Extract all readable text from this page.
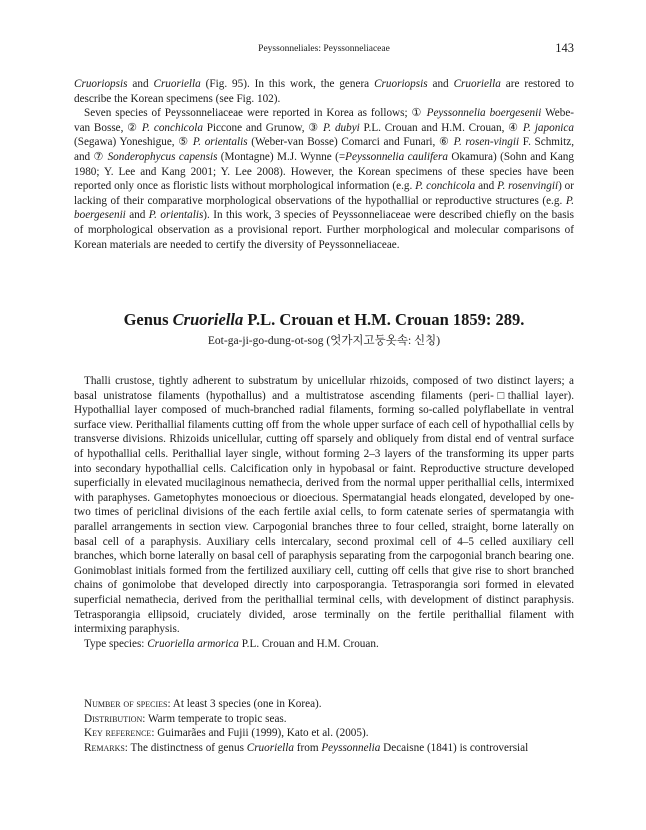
Peyssonneliales: Peyssonneliaceae	143

Cruoriopsis and Cruoriella (Fig. 95). In this work, the genera Cruoriopsis and Cruoriella are restored to describe the Korean specimens (see Fig. 102).

Seven species of Peyssonneliaceae were reported in Korea as follows; ① Peyssonnelia boergesenii Webe-van Bosse, ② P. conchicola Piccone and Grunow, ③ P. dubyi P.L. Crouan and H.M. Crouan, ④ P. japonica (Segawa) Yoneshigue, ⑤ P. orientalis (Weber-van Bosse) Comarci and Funari, ⑥ P. rosen-vingii F. Schmitz, and ⑦ Sonderophycus capensis (Montagne) M.J. Wynne (=Peyssonnelia caulifera Okamura) (Sohn and Kang 1980; Y. Lee and Kang 2001; Y. Lee 2008). However, the Korean specimens of these species have been reported only once as floristic lists without morphological information (e.g. P. conchicola and P. rosenvingii) or lacking of their comparative morphological observations of the hypothallial or reproductive structures (e.g. P. boergesenii and P. orientalis). In this work, 3 species of Peyssonneliaceae were described chiefly on the basis of morphological observation as a provisional report. Further morphological and molecular comparisons of Korean materials are needed to certify the diversity of Peyssonneliaceae.

Genus Cruoriella P.L. Crouan et H.M. Crouan 1859: 289.
Eot-ga-ji-go-dung-ot-sog (엇가지고둥옷속: 신칭)

Thalli crustose, tightly adherent to substratum by unicellular rhizoids, composed of two distinct layers; a basal unistratose filaments (hypothallus) and a multistratose ascending filaments (peri-□thallial layer). Hypothallial layer composed of much-branched radial filaments, forming so-called polyflabellate in ventral surface view. Perithallial filaments cutting off from the whole upper surface of each cell of hypothallial cells by transverse divisions. Rhizoids unicellular, cutting off sparsely and obliquely from distal end of ventral surface of hypothallial cells. Perithallial layer single, without forming 2–3 layers of the transforming its upper parts into secondary hypothallial cells. Calcification only in hypobasal or faint. Reproductive structure developed superficially in elevated mucilaginous nemathecia, derived from the normal upper perithallial cells, intermixed with paraphyses. Gametophytes monoecious or dioecious. Spermatangial heads elongated, developed by one-two times of periclinal divisions of the each fertile axial cells, to form catenate series of spermatangia with parallel arrangements in section view. Carpogonial branches three to four celled, straight, borne laterally on basal cell of a paraphysis. Auxiliary cells intercalary, second proximal cell of 4–5 celled auxiliary cell branches, which borne laterally on basal cell of paraphysis separating from the carpogonial branch bearing one. Gonimoblast initials formed from the fertilized auxiliary cell, cutting off cells that give rise to short branched chains of gonimolobe that developed directly into carposporangia. Tetrasporangia sori formed in elevated superficial nemathecia, derived from the perithallial terminal cells, with development of distinct paraphysis. Tetrasporangia ellipsoid, cruciately divided, arose terminally on the fertile perithallial filament with intermixing paraphysis.

Type species: Cruoriella armorica P.L. Crouan and H.M. Crouan.

Number of species: At least 3 species (one in Korea).

Distribution: Warm temperate to tropic seas.

Key reference: Guimarães and Fujii (1999), Kato et al. (2005).

Remarks: The distinctness of genus Cruoriella from Peyssonnelia Decaisne (1841) is controversial
